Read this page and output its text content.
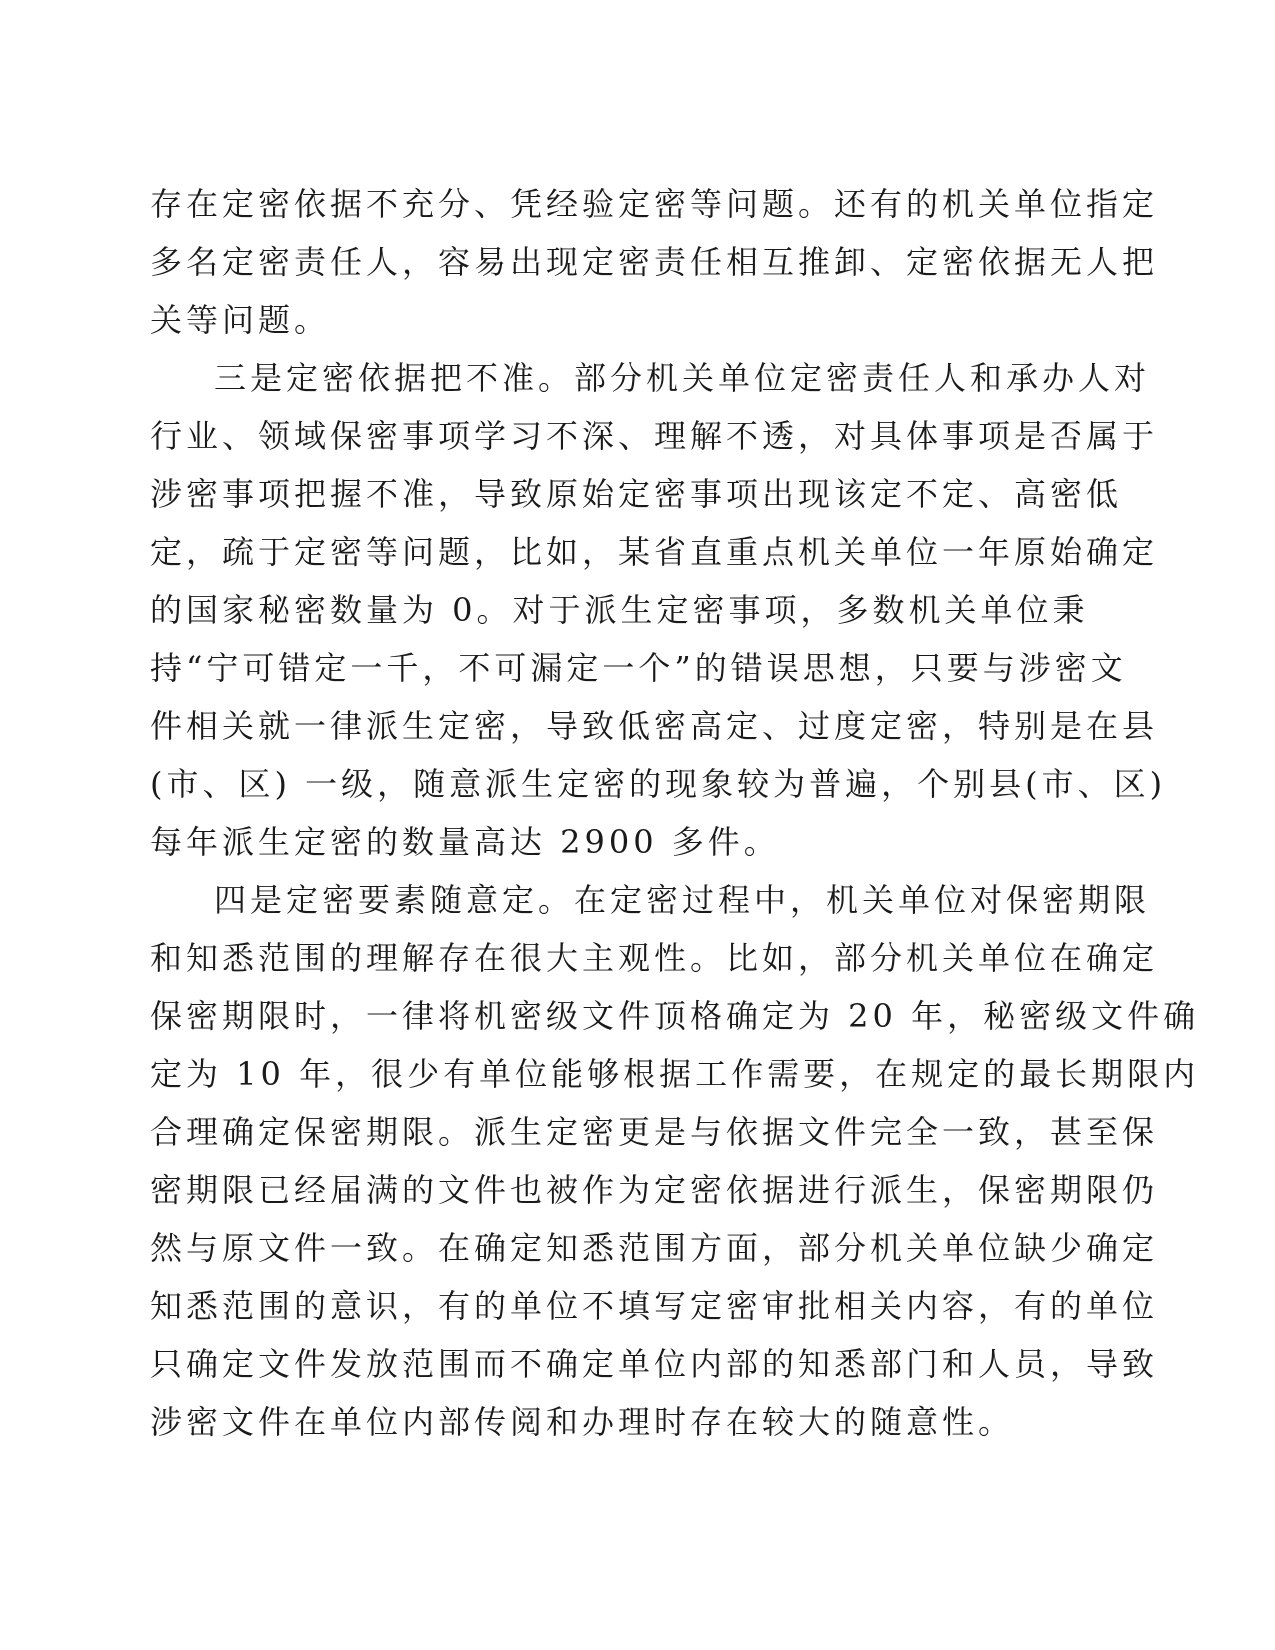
存在定密依据不充分、凭经验定密等问题。还有的机关单位指定
多名定密责任人，容易出现定密责任相互推卸、定密依据无人把
关等问题。
三是定密依据把不准。部分机关单位定密责任人和承办人对
行业、领域保密事项学习不深、理解不透，对具体事项是否属于
涉密事项把握不准，导致原始定密事项出现该定不定、高密低
定，疏于定密等问题，比如，某省直重点机关单位一年原始确定
的国家秘密数量为 0。对于派生定密事项，多数机关单位秉
持“宁可错定一千，不可漏定一个”的错误思想，只要与涉密文
件相关就一律派生定密，导致低密高定、过度定密，特别是在县
(市、区) 一级，随意派生定密的现象较为普遍，个别县(市、区)
每年派生定密的数量高达 2900 多件。
四是定密要素随意定。在定密过程中，机关单位对保密期限
和知悉范围的理解存在很大主观性。比如，部分机关单位在确定
保密期限时，一律将机密级文件顶格确定为 20 年，秘密级文件确
定为 10 年，很少有单位能够根据工作需要，在规定的最长期限内
合理确定保密期限。派生定密更是与依据文件完全一致，甚至保
密期限已经届满的文件也被作为定密依据进行派生，保密期限仍
然与原文件一致。在确定知悉范围方面，部分机关单位缺少确定
知悉范围的意识，有的单位不填写定密审批相关内容，有的单位
只确定文件发放范围而不确定单位内部的知悉部门和人员，导致
涉密文件在单位内部传阅和办理时存在较大的随意性。
